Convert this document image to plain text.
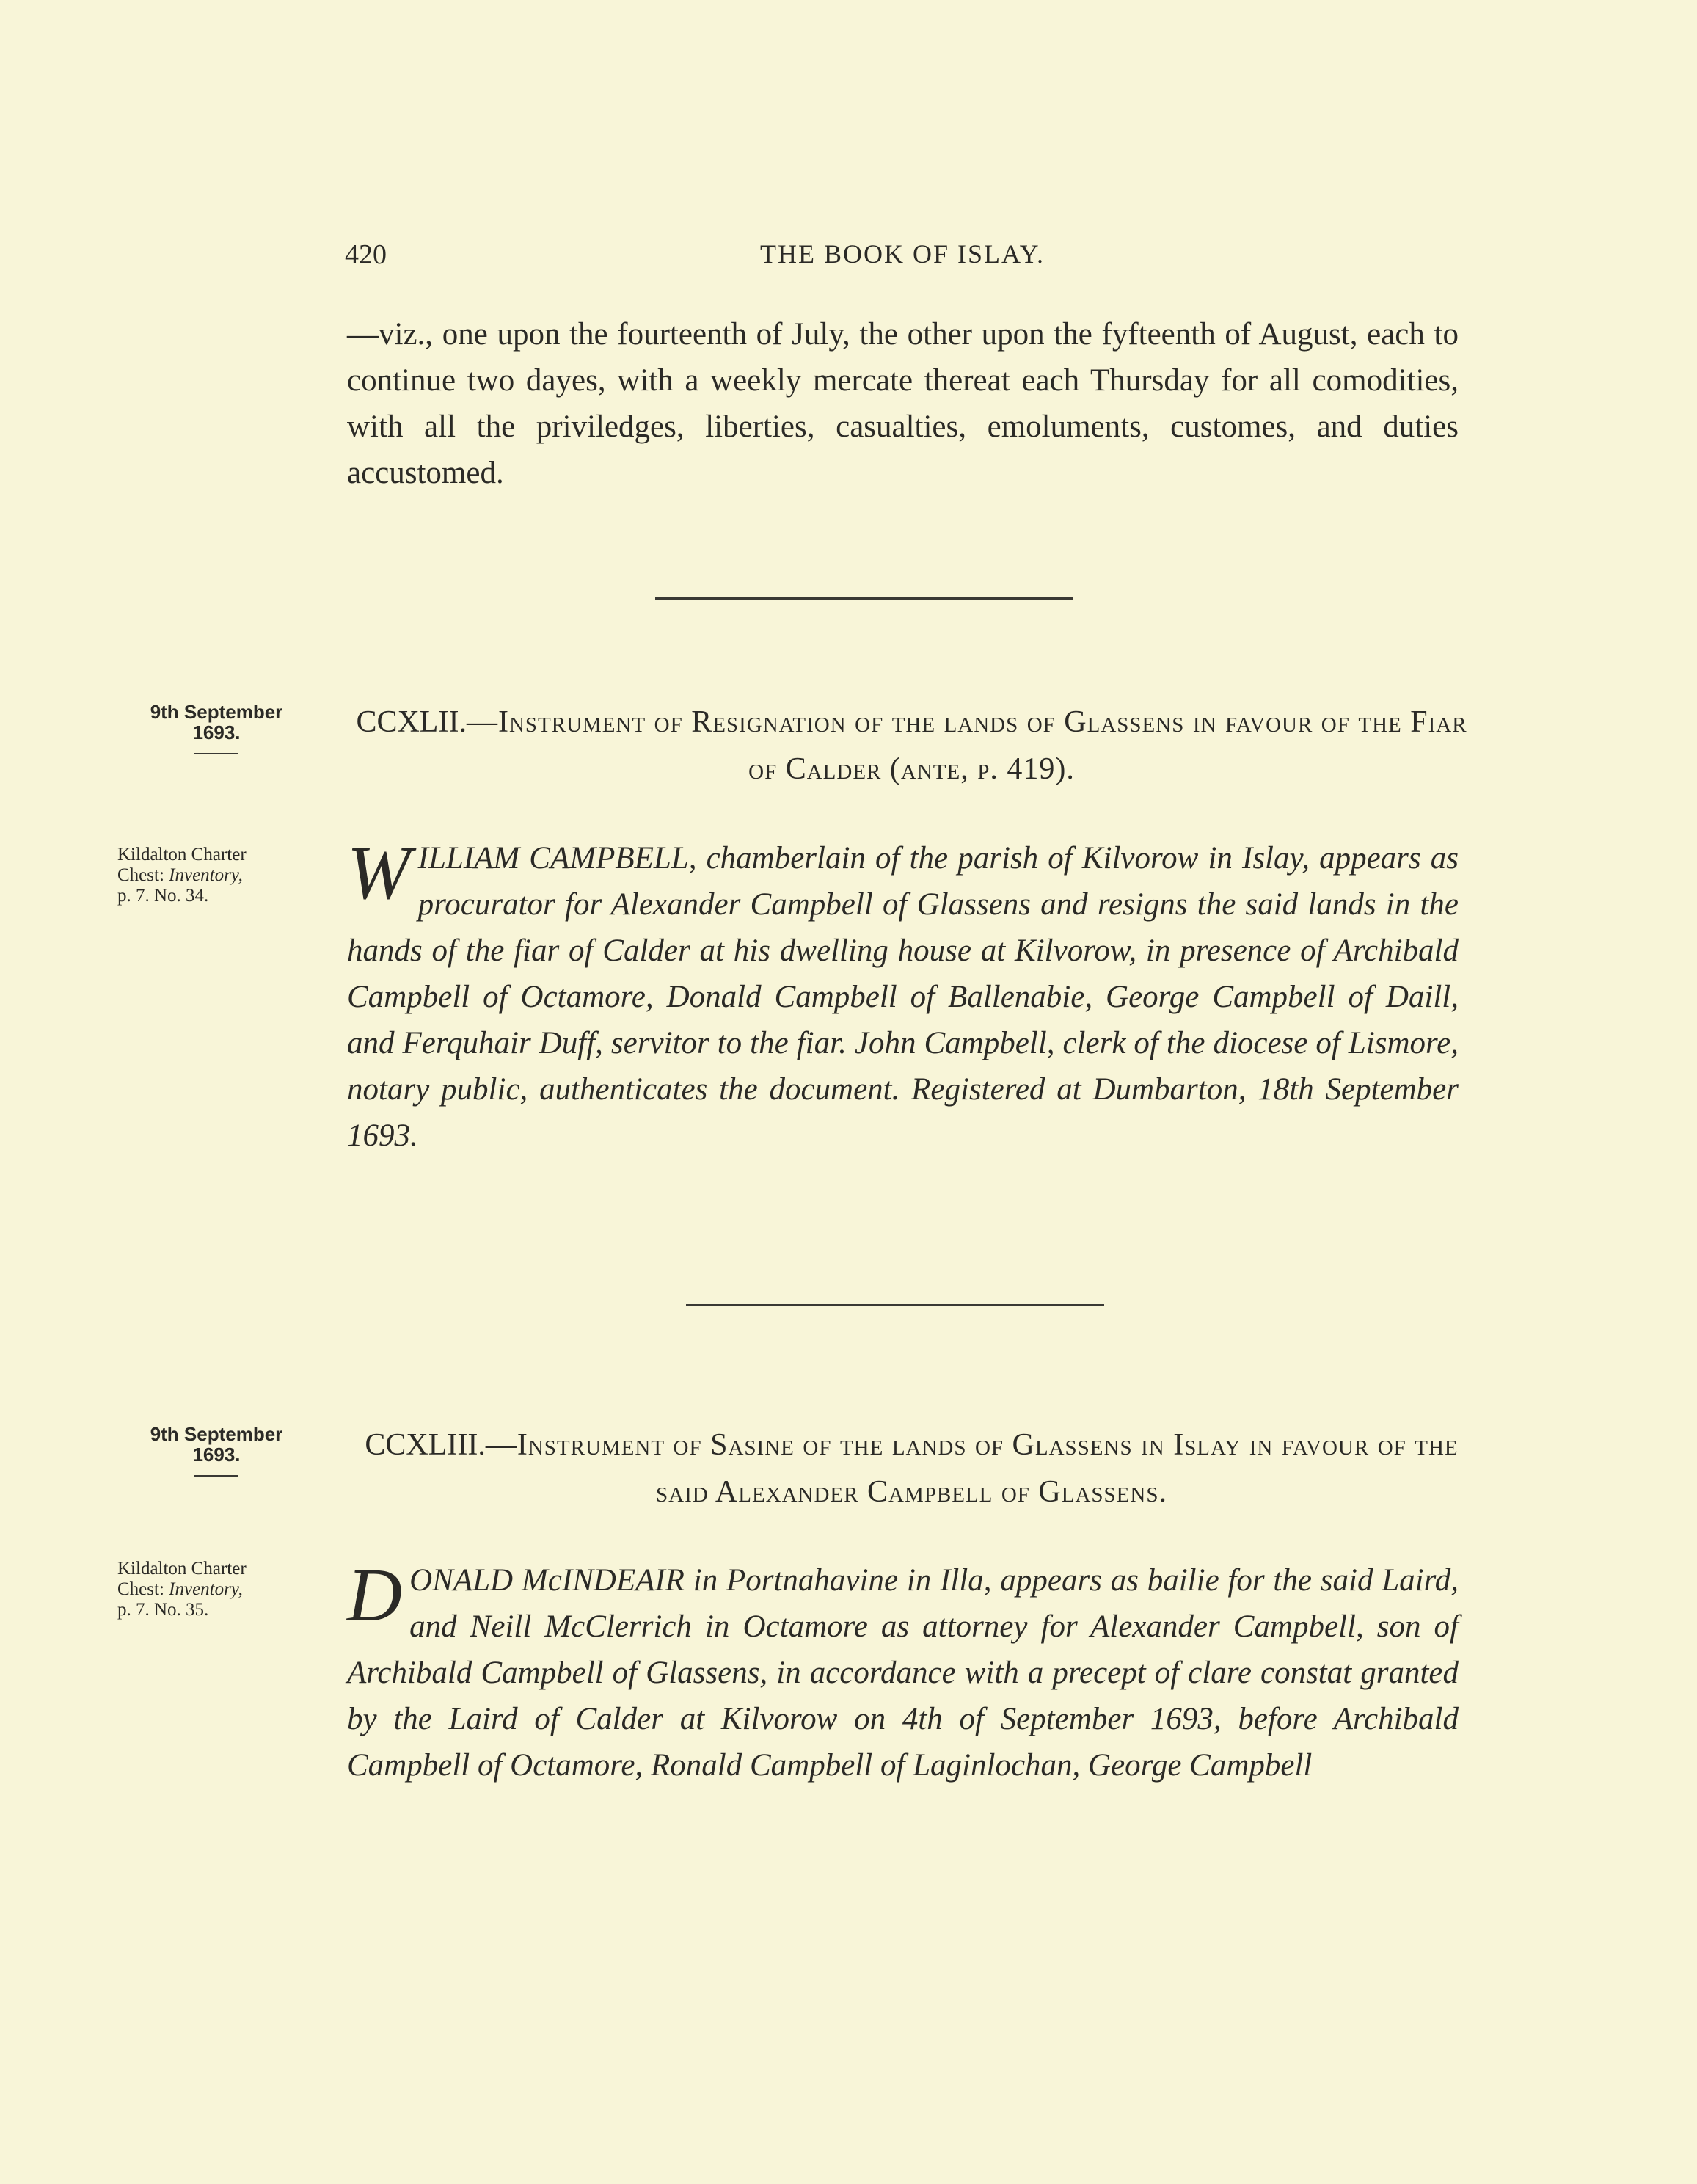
420	THE BOOK OF ISLAY.
—viz., one upon the fourteenth of July, the other upon the fyfteenth of August, each to continue two dayes, with a weekly mercate thereat each Thursday for all comodities, with all the priviledges, liberties, casualties, emoluments, customes, and duties accustomed.
9th September
1693.
Kildalton Charter
Chest: Inventory,
p. 7. No. 34.
CCXLII.—Instrument of Resignation of the lands of Glassens in favour of the Fiar of Calder (ante, p. 419).
WILLIAM CAMPBELL, chamberlain of the parish of Kilvorow in Islay, appears as procurator for Alexander Campbell of Glassens and resigns the said lands in the hands of the fiar of Calder at his dwelling house at Kilvorow, in presence of Archibald Campbell of Octamore, Donald Campbell of Ballenabie, George Campbell of Daill, and Ferquhair Duff, servitor to the fiar. John Campbell, clerk of the diocese of Lismore, notary public, authenticates the document. Registered at Dumbarton, 18th September 1693.
9th September
1693.
Kildalton Charter
Chest: Inventory,
p. 7. No. 35.
CCXLIII.—Instrument of Sasine of the lands of Glassens in Islay in favour of the said Alexander Campbell of Glassens.
DONALD McINDEAIR in Portnahavine in Illa, appears as bailie for the said Laird, and Neill McClerrich in Octamore as attorney for Alexander Campbell, son of Archibald Campbell of Glassens, in accordance with a precept of clare constat granted by the Laird of Calder at Kilvorow on 4th of September 1693, before Archibald Campbell of Octamore, Ronald Campbell of Laginlochan, George Campbell
